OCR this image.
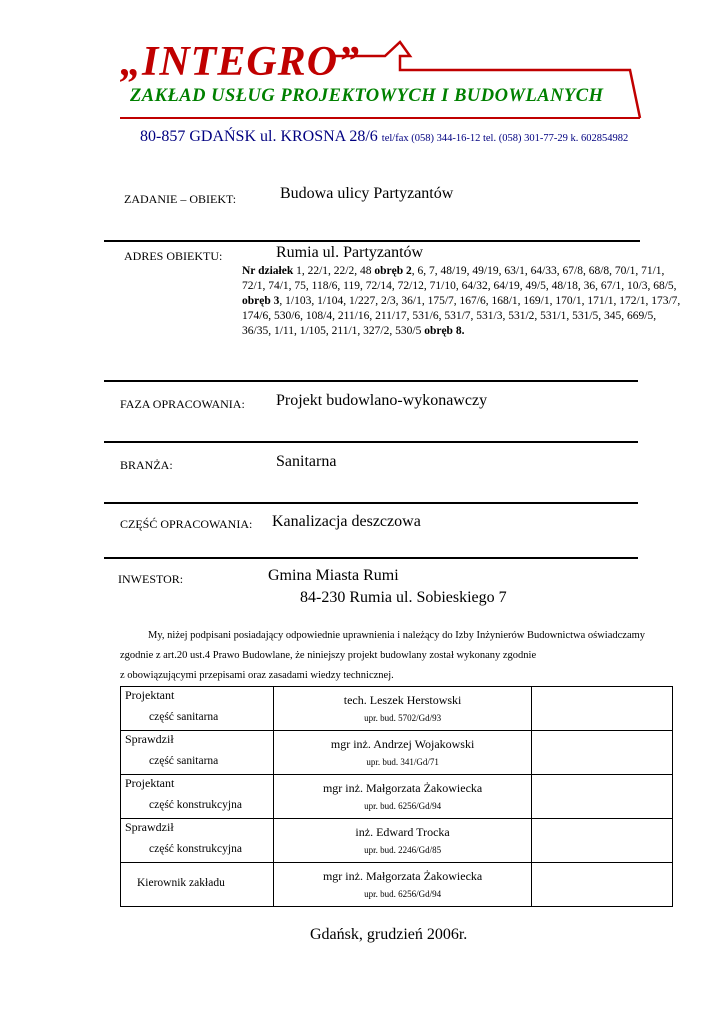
„INTEGRO”
ZAKŁAD USŁUG PROJEKTOWYCH I BUDOWLANYCH
80-857 GDAŃSK ul. KROSNA 28/6 tel/fax (058) 344-16-12 tel. (058) 301-77-29 k. 602854982
ZADANIE – OBIEKT:	Budowa ulicy Partyzantów
ADRES OBIEKTU:	Rumia ul. Partyzantów
Nr działek 1, 22/1, 22/2, 48 obręb 2, 6, 7, 48/19, 49/19, 63/1, 64/33, 67/8, 68/8, 70/1, 71/1, 72/1, 74/1, 75, 118/6, 119, 72/14, 72/12, 71/10, 64/32, 64/19, 49/5, 48/18, 36, 67/1, 10/3, 68/5, obręb 3, 1/103, 1/104, 1/227, 2/3, 36/1, 175/7, 167/6, 168/1, 169/1, 170/1, 171/1, 172/1, 173/7, 174/6, 530/6, 108/4, 211/16, 211/17, 531/6, 531/7, 531/3, 531/2, 531/1, 531/5, 345, 669/5, 36/35, 1/11, 1/105, 211/1, 327/2, 530/5 obręb 8.
FAZA OPRACOWANIA: Projekt budowlano-wykonawczy
BRANŻA:	Sanitarna
CZĘŚĆ OPRACOWANIA: Kanalizacja deszczowa
INWESTOR:	Gmina Miasta Rumi
84-230 Rumia ul. Sobieskiego 7
My, niżej podpisani posiadający odpowiednie uprawnienia i należący do Izby Inżynierów Budownictwa oświadczamy
zgodnie z art.20 ust.4 Prawo Budowlane, że niniejszy projekt budowlany został wykonany zgodnie
z obowiązującymi przepisami oraz zasadami wiedzy technicznej.
Projektant
część sanitarna	tech. Leszek Herstowski
upr. bud. 5702/Gd/93	

Sprawdził
część sanitarna	mgr inż. Andrzej Wojakowski
upr. bud. 341/Gd/71	

Projektant
część konstrukcyjna	mgr inż. Małgorzata Żakowiecka
upr. bud. 6256/Gd/94	

Sprawdził
część konstrukcyjna	inż. Edward Trocka
upr. bud. 2246/Gd/85	

Kierownik zakładu	mgr inż. Małgorzata Żakowiecka
upr. bud. 6256/Gd/94	

Gdańsk, grudzień 2006r.
